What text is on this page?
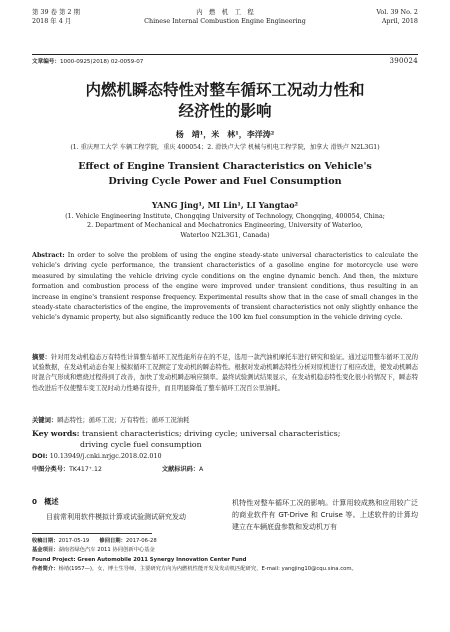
第 39 卷 第 2 期
2018 年 4 月
内　燃　机　工　程
Chinese Internal Combustion Engine Engineering
Vol. 39 No. 2
April, 2018
文章编号：1000-0925(2018) 02-0059-07	390024
内燃机瞬态特性对整车循环工况动力性和
经济性的影响
杨　靖¹，米　林¹，李洋涛²
(1. 重庆理工大学 车辆工程学院，重庆 400054；2. 滑铁卢大学 机械与机电工程学院，加拿大 滑铁卢 N2L3G1)
Effect of Engine Transient Characteristics on Vehicle's
Driving Cycle Power and Fuel Consumption
YANG Jing¹, MI Lin¹, LI Yangtao²
(1. Vehicle Engineering Institute, Chongqing University of Technology, Chongqing, 400054, China;
2. Department of Mechanical and Mechatronics Engineering, University of Waterloo,
Waterloo N2L3G1, Canada)
Abstract: In order to solve the problem of using the engine steady-state universal characteristics to calculate the vehicle's driving cycle performance, the transient characteristics of a gasoline engine for motorcycle use were measured by simulating the vehicle driving cycle conditions on the engine dynamic bench. And then, the mixture formation and combustion process of the engine were improved under transient conditions, thus resulting in an increase in engine's transient response frequency. Experimental results show that in the case of small changes in the steady-state characteristics of the engine, the improvements of transient characteristics not only slightly enhance the vehicle's dynamic property, but also significantly reduce the 100 km fuel consumption in the vehicle driving cycle.
摘要：针对用发动机稳态万有特性计算整车循环工况性能所存在的不足，选用一款汽油机摩托车进行研究和验证。通过运用整车循环工况的试验数据，在发动机动态台架上模拟循环工况测定了发动机的瞬态特性。根据对发动机瞬态特性分析对原机进行了相应改进，使发动机瞬态时混合气形成和燃烧过程得到了改善，加快了发动机瞬态响应频率。最终试验测试结果显示，在发动机稳态特性变化很小的情况下，瞬态特性改进后不仅使整车变工况时动力性略有提升，而且明显降低了整车循环工况百公里油耗。
关键词：瞬态特性；循环工况；万有特性；循环工况油耗
Key words: transient characteristics; driving cycle; universal characteristics;
driving cycle fuel consumption
DOI: 10.13949/j.cnki.nrjgc.2018.02.010
中图分类号：TK417⁺.12	文献标识码：A
0　概述
目前常利用软件模拟计算或试验测试研究发动
机特性对整车循环工况的影响。计算用较成熟和应用较广泛的商业软件有 GT-Drive 和 Cruise 等。上述软件的计算均建立在车辆底盘参数和发动机万有
收稿日期：2017-05-19 修回日期：2017-06-28
基金项目：湖南省绿色汽车 2011 协同创新中心基金
Found Project: Green Automobile 2011 Synergy Innovation Center Fund
作者简介：杨靖(1957—)，女，博士生导师，主要研究方向为内燃机性能开发及发动机匹配研究，E-mail: yangjing10@cqu.sina.com。
